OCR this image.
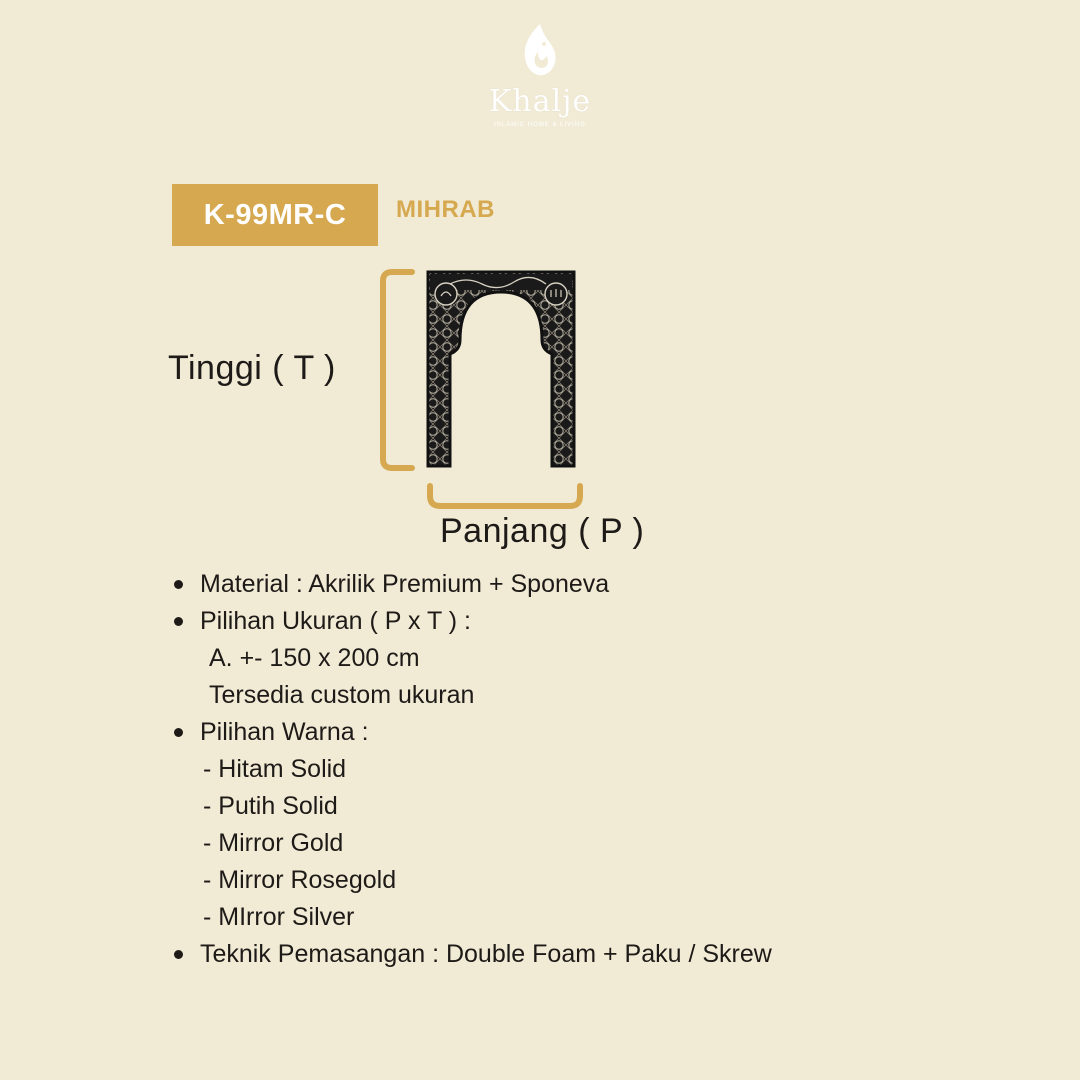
Khalje
ISLAMIC HOME & LIVING
K-99MR-C	MIHRAB
Tinggi ( T )
Panjang ( P )
Material : Akrilik Premium + Sponeva
Pilihan Ukuran ( P x T ) :
A. +- 150 x 200 cm
Tersedia custom ukuran
Pilihan Warna :
- Hitam Solid
- Putih Solid
- Mirror Gold
- Mirror Rosegold
- MIrror Silver
Teknik Pemasangan : Double Foam + Paku / Skrew
